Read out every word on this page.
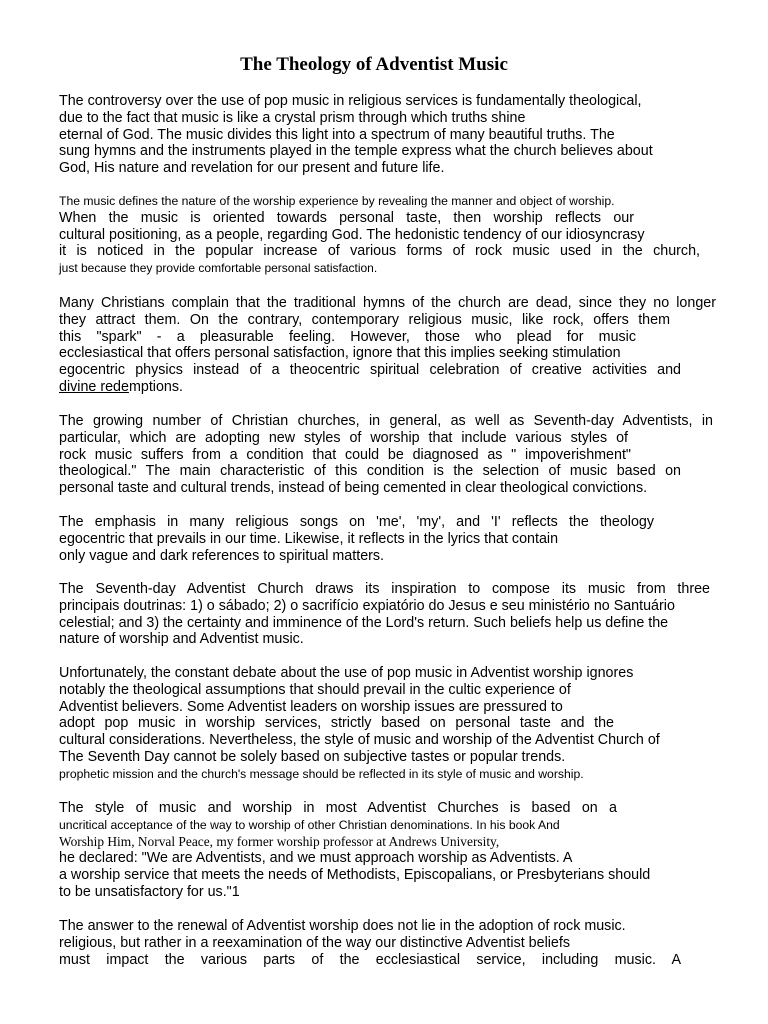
The Theology of Adventist Music
The controversy over the use of pop music in religious services is fundamentally theological,
due to the fact that music is like a crystal prism through which truths shine
eternal of God. The music divides this light into a spectrum of many beautiful truths. The
sung hymns and the instruments played in the temple express what the church believes about
God, His nature and revelation for our present and future life.
The music defines the nature of the worship experience by revealing the manner and object of worship.
When the music is oriented towards personal taste, then worship reflects our
cultural positioning, as a people, regarding God. The hedonistic tendency of our idiosyncrasy
it is noticed in the popular increase of various forms of rock music used in the church,
just because they provide comfortable personal satisfaction.
Many Christians complain that the traditional hymns of the church are dead, since they no longer
they attract them. On the contrary, contemporary religious music, like rock, offers them
this "spark" - a pleasurable feeling. However, those who plead for music
ecclesiastical that offers personal satisfaction, ignore that this implies seeking stimulation
egocentric physics instead of a theocentric spiritual celebration of creative activities and
divine redemptions.
The growing number of Christian churches, in general, as well as Seventh-day Adventists, in
particular, which are adopting new styles of worship that include various styles of
rock music suffers from a condition that could be diagnosed as " impoverishment"
theological." The main characteristic of this condition is the selection of music based on
personal taste and cultural trends, instead of being cemented in clear theological convictions.
The emphasis in many religious songs on 'me', 'my', and 'I' reflects the theology
egocentric that prevails in our time. Likewise, it reflects in the lyrics that contain
only vague and dark references to spiritual matters.
The Seventh-day Adventist Church draws its inspiration to compose its music from three
principais doutrinas: 1) o sábado; 2) o sacrifício expiatório do Jesus e seu ministério no Santuário
celestial; and 3) the certainty and imminence of the Lord's return. Such beliefs help us define the
nature of worship and Adventist music.
Unfortunately, the constant debate about the use of pop music in Adventist worship ignores
notably the theological assumptions that should prevail in the cultic experience of
Adventist believers. Some Adventist leaders on worship issues are pressured to
adopt pop music in worship services, strictly based on personal taste and the
cultural considerations. Nevertheless, the style of music and worship of the Adventist Church of
The Seventh Day cannot be solely based on subjective tastes or popular trends.
prophetic mission and the church's message should be reflected in its style of music and worship.
The style of music and worship in most Adventist Churches is based on a
uncritical acceptance of the way to worship of other Christian denominations. In his book And
Worship Him, Norval Peace, my former worship professor at Andrews University,
he declared: "We are Adventists, and we must approach worship as Adventists. A
a worship service that meets the needs of Methodists, Episcopalians, or Presbyterians should
to be unsatisfactory for us."1
The answer to the renewal of Adventist worship does not lie in the adoption of rock music.
religious, but rather in a reexamination of the way our distinctive Adventist beliefs
must impact the various parts of the ecclesiastical service, including music. A
